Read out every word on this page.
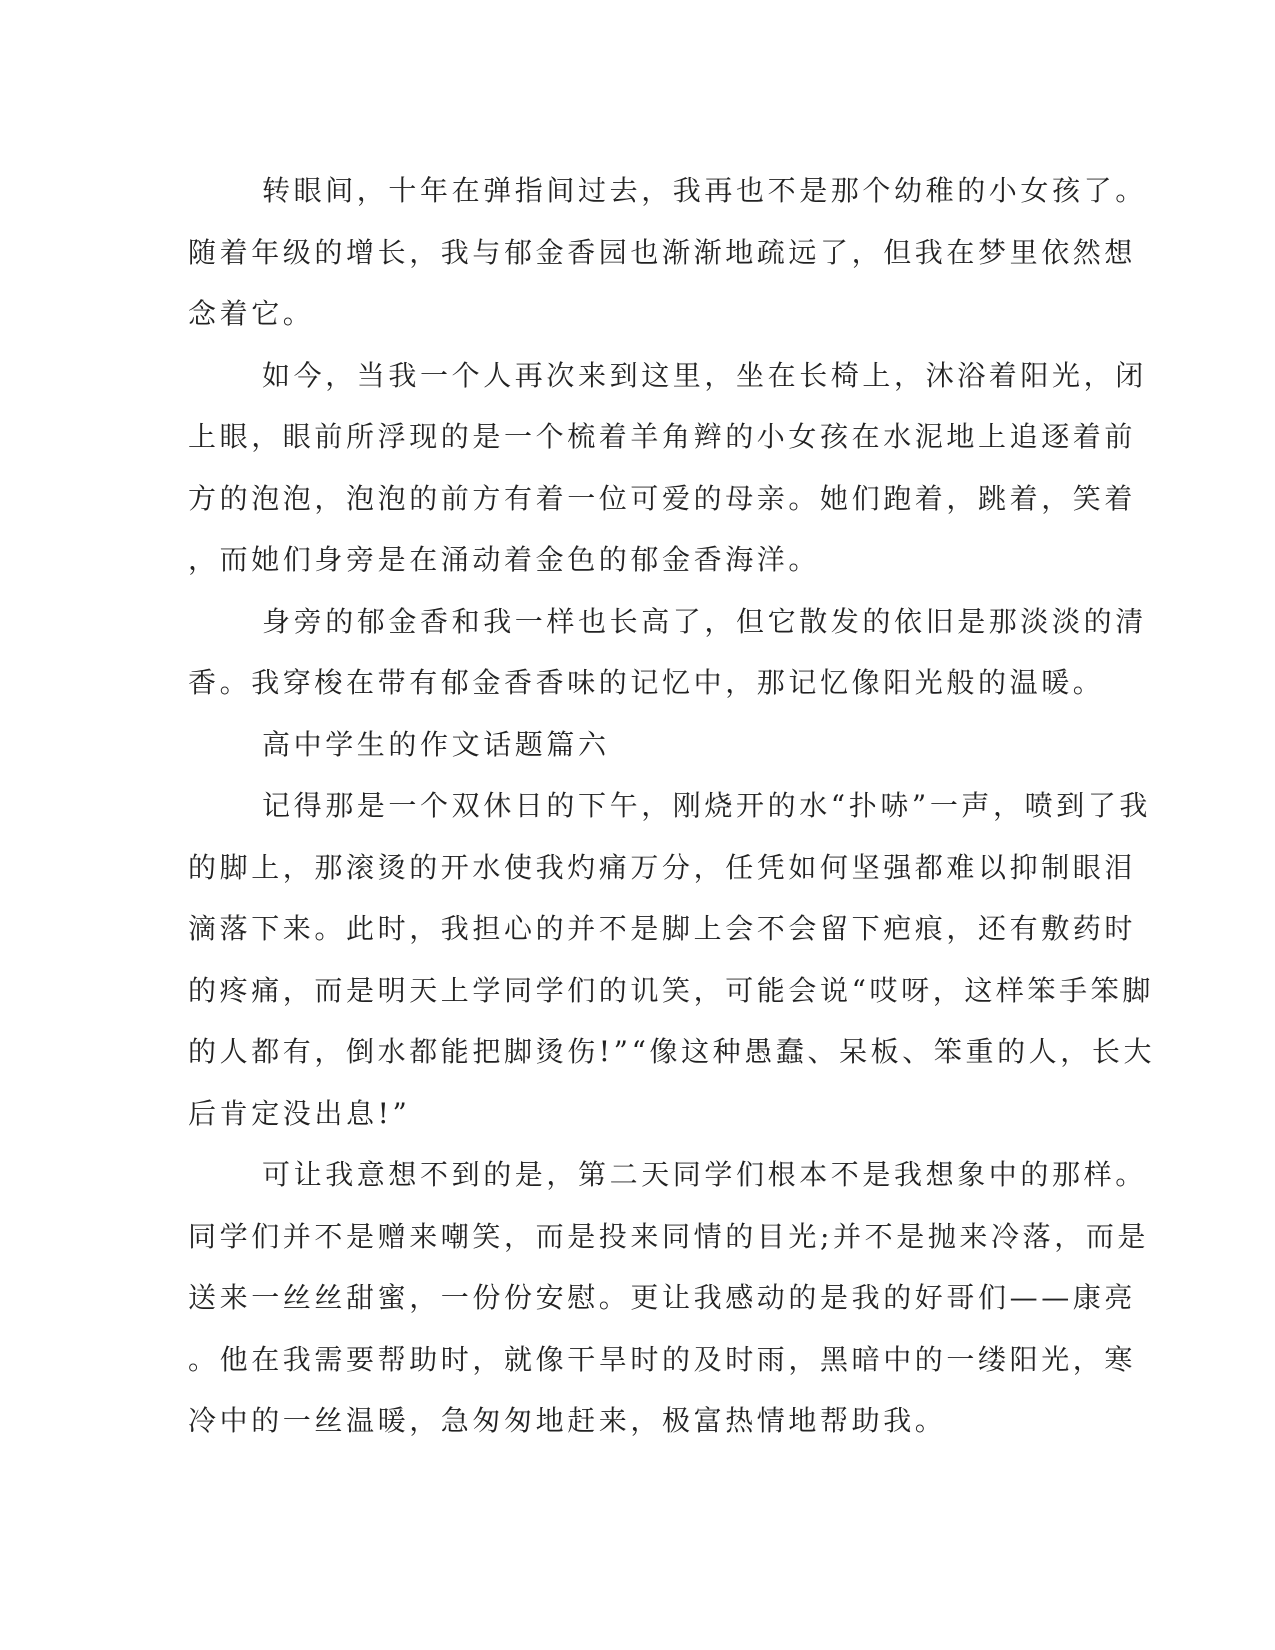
转眼间，十年在弹指间过去，我再也不是那个幼稚的小女孩了。
随着年级的增长，我与郁金香园也渐渐地疏远了，但我在梦里依然想
念着它。
如今，当我一个人再次来到这里，坐在长椅上，沐浴着阳光，闭
上眼，眼前所浮现的是一个梳着羊角辫的小女孩在水泥地上追逐着前
方的泡泡，泡泡的前方有着一位可爱的母亲。她们跑着，跳着，笑着
，而她们身旁是在涌动着金色的郁金香海洋。
身旁的郁金香和我一样也长高了，但它散发的依旧是那淡淡的清
香。我穿梭在带有郁金香香味的记忆中，那记忆像阳光般的温暖。
高中学生的作文话题篇六
记得那是一个双休日的下午，刚烧开的水“扑哧”一声，喷到了我
的脚上，那滚烫的开水使我灼痛万分，任凭如何坚强都难以抑制眼泪
滴落下来。此时，我担心的并不是脚上会不会留下疤痕，还有敷药时
的疼痛，而是明天上学同学们的讥笑，可能会说“哎呀，这样笨手笨脚
的人都有，倒水都能把脚烫伤!”“像这种愚蠢、呆板、笨重的人，长大
后肯定没出息!”
可让我意想不到的是，第二天同学们根本不是我想象中的那样。
同学们并不是赠来嘲笑，而是投来同情的目光;并不是抛来冷落，而是
送来一丝丝甜蜜，一份份安慰。更让我感动的是我的好哥们——康亮
。他在我需要帮助时，就像干旱时的及时雨，黑暗中的一缕阳光，寒
冷中的一丝温暖，急匆匆地赶来，极富热情地帮助我。
